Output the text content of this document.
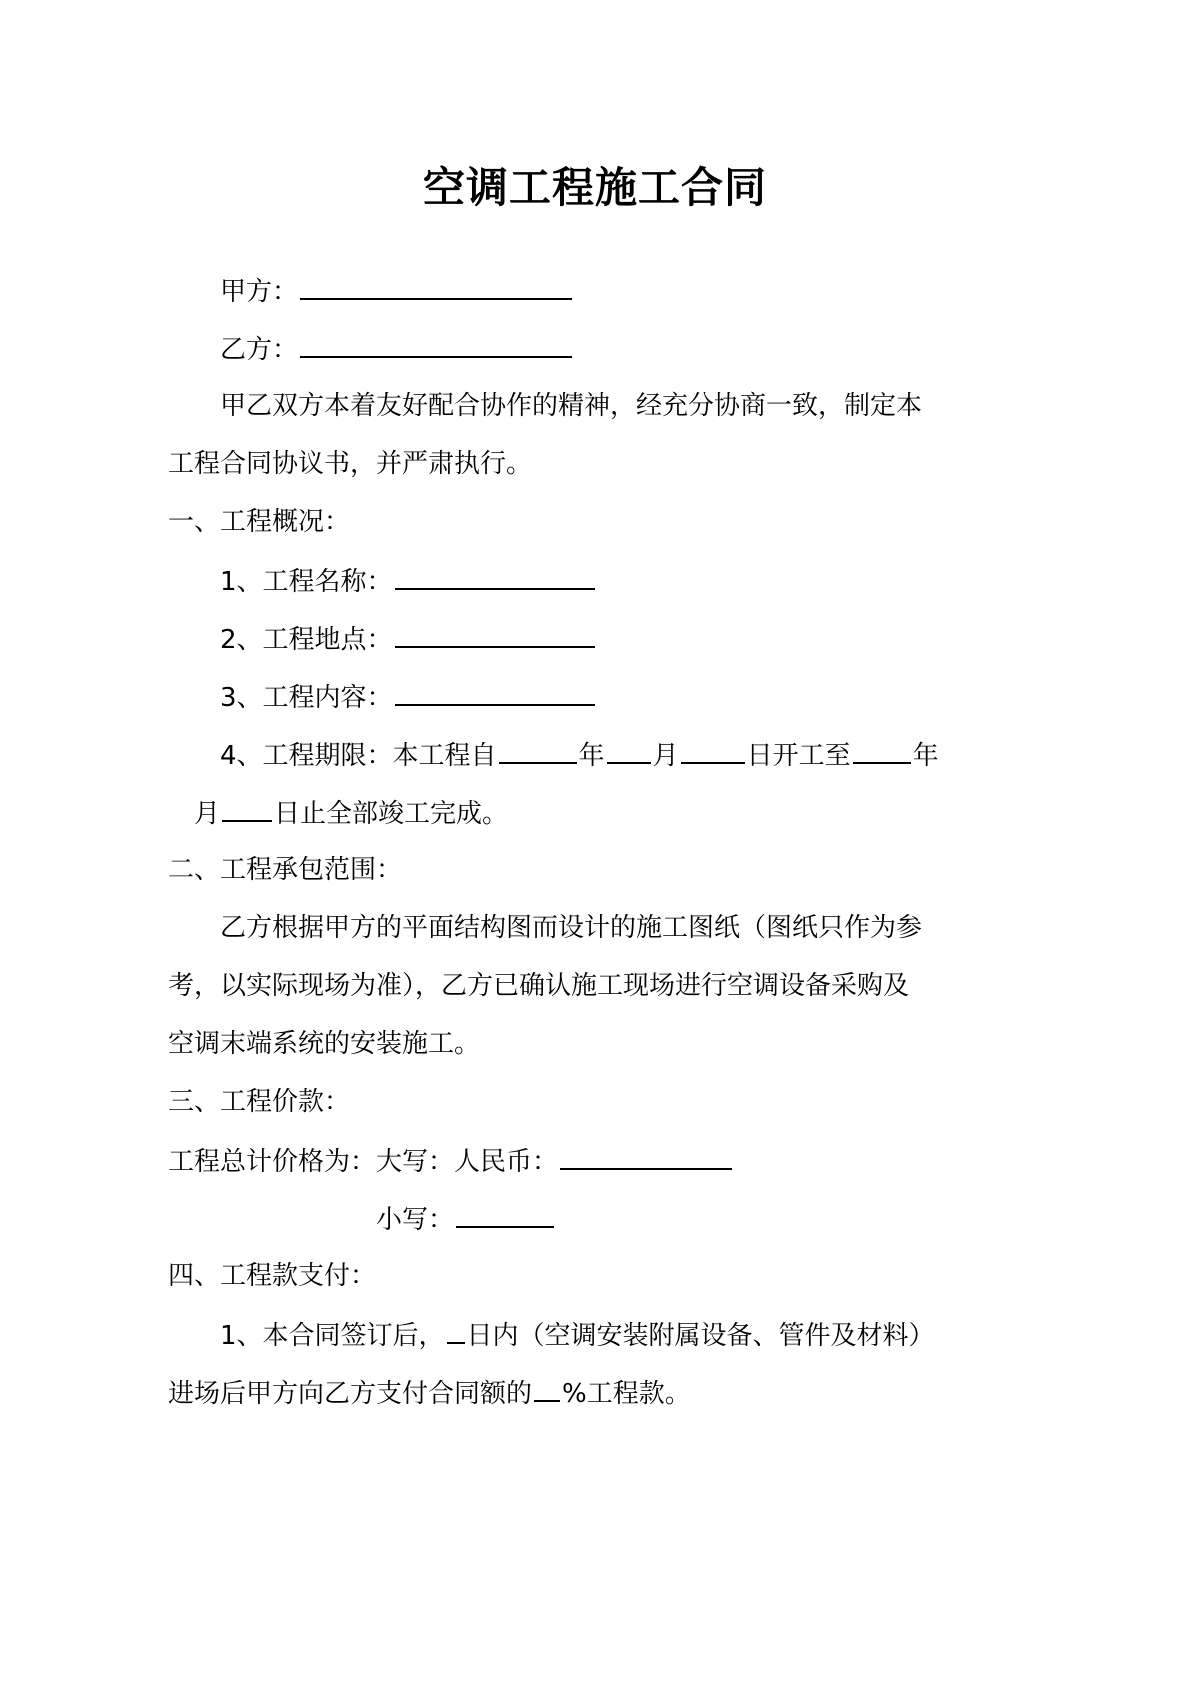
空调工程施工合同
甲方：
乙方：
甲乙双方本着友好配合协作的精神，经充分协商一致，制定本
工程合同协议书，并严肃执行。
一、工程概况：
1、工程名称：
2、工程地点：
3、工程内容：
4、工程期限：本工程自	年 月	日开工至 年
月 日止全部竣工完成。
二、工程承包范围：
乙方根据甲方的平面结构图而设计的施工图纸（图纸只作为参
考，以实际现场为准），乙方已确认施工现场进行空调设备采购及
空调末端系统的安装施工。
三、工程价款：
工程总计价格为：大写：人民币：
小写：
四、工程款支付：
1、本合同签订后， 日内（空调安装附属设备、管件及材料）
进场后甲方向乙方支付合同额的 %工程款。
